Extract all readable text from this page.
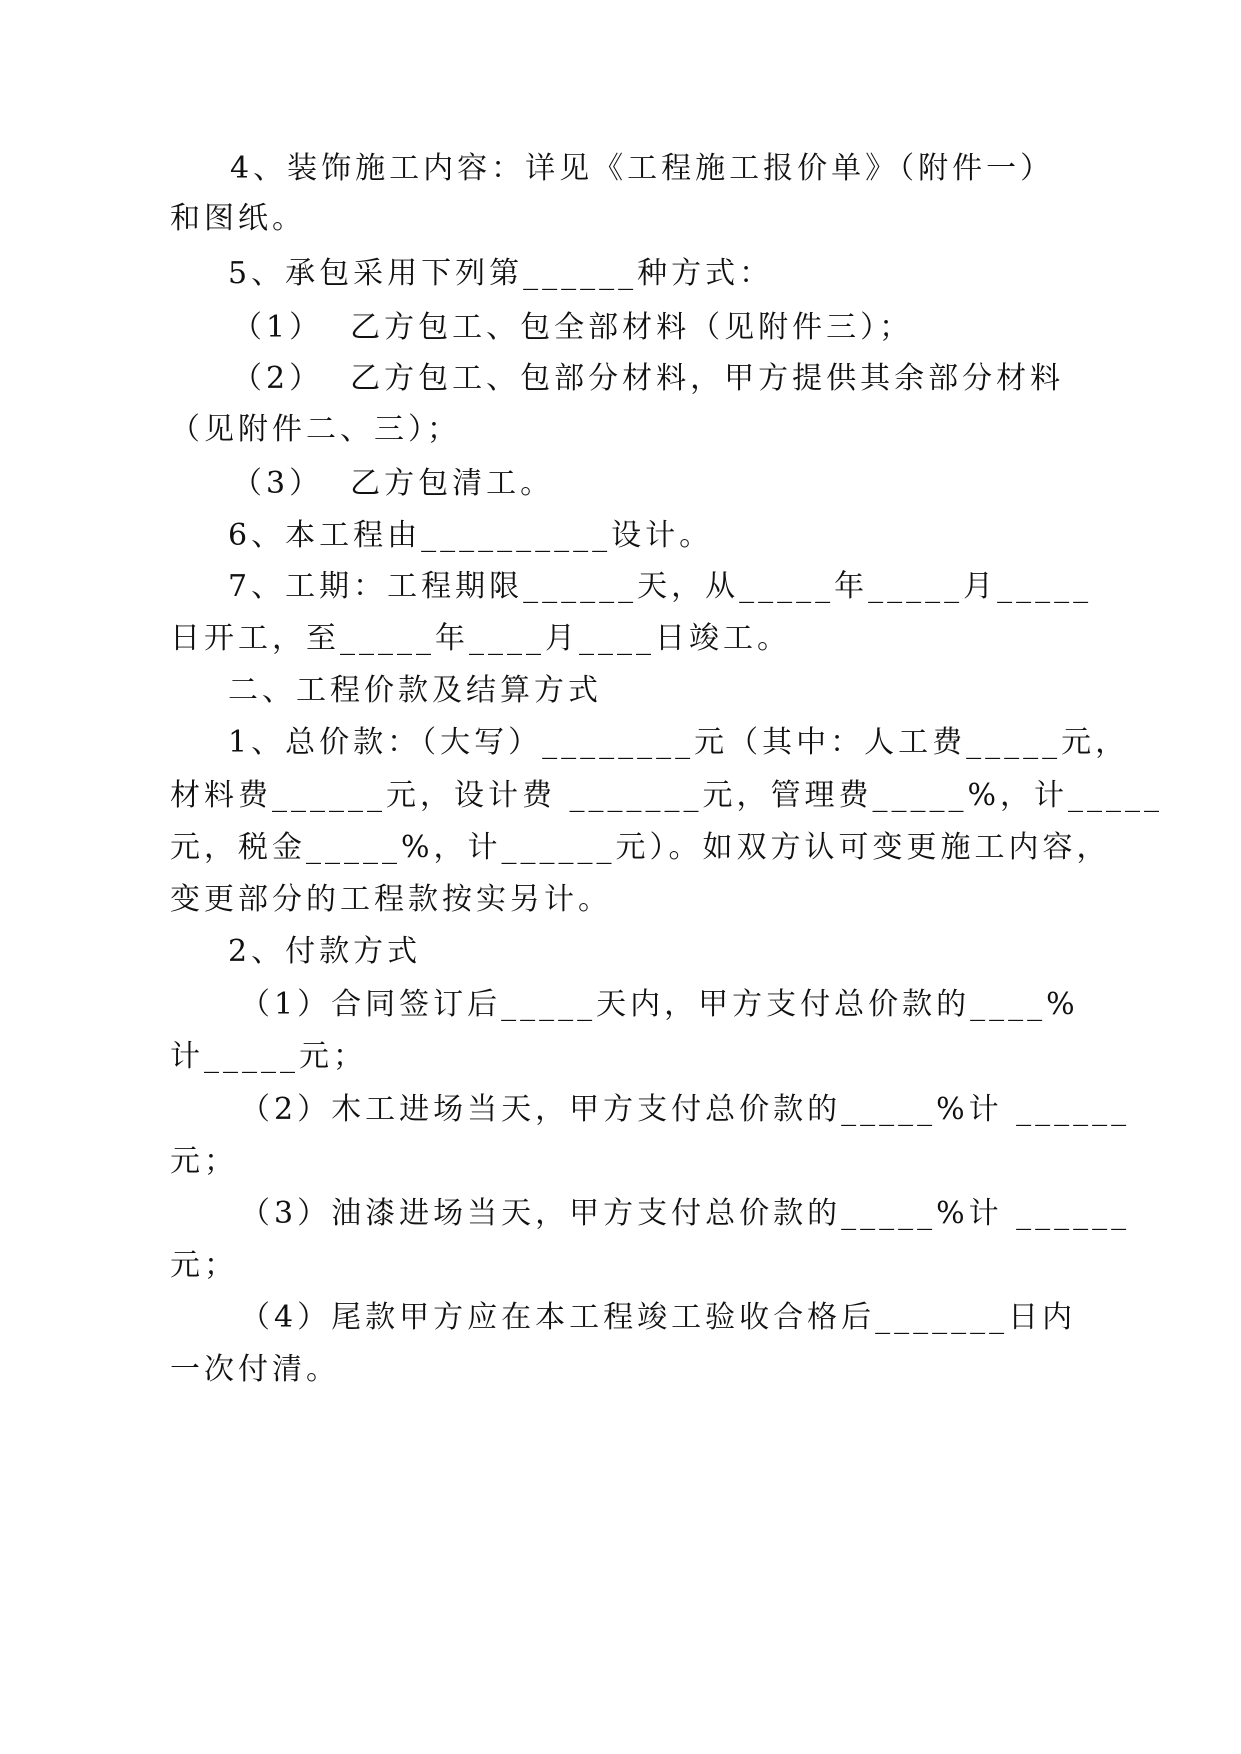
4、装饰施工内容：详见《工程施工报价单》（附件一）
和图纸。
5、承包采用下列第______种方式：
（1）  乙方包工、包全部材料（见附件三）；
（2）  乙方包工、包部分材料，甲方提供其余部分材料
（见附件二、三）；
（3）  乙方包清工。
6、本工程由__________设计。
7、工期：工程期限______天，从_____年_____月_____
日开工，至_____年____月____日竣工。
二、工程价款及结算方式
1、总价款：（大写）________元（其中：人工费_____元，
材料费______元，设计费 _______元，管理费_____%，计_____
元，税金_____%，计______元）。如双方认可变更施工内容，
变更部分的工程款按实另计。
2、付款方式
（1）合同签订后_____天内，甲方支付总价款的____%
计_____元；
（2）木工进场当天，甲方支付总价款的_____%计 ______
元；
（3）油漆进场当天，甲方支付总价款的_____%计 ______
元；
（4）尾款甲方应在本工程竣工验收合格后_______日内
一次付清。
